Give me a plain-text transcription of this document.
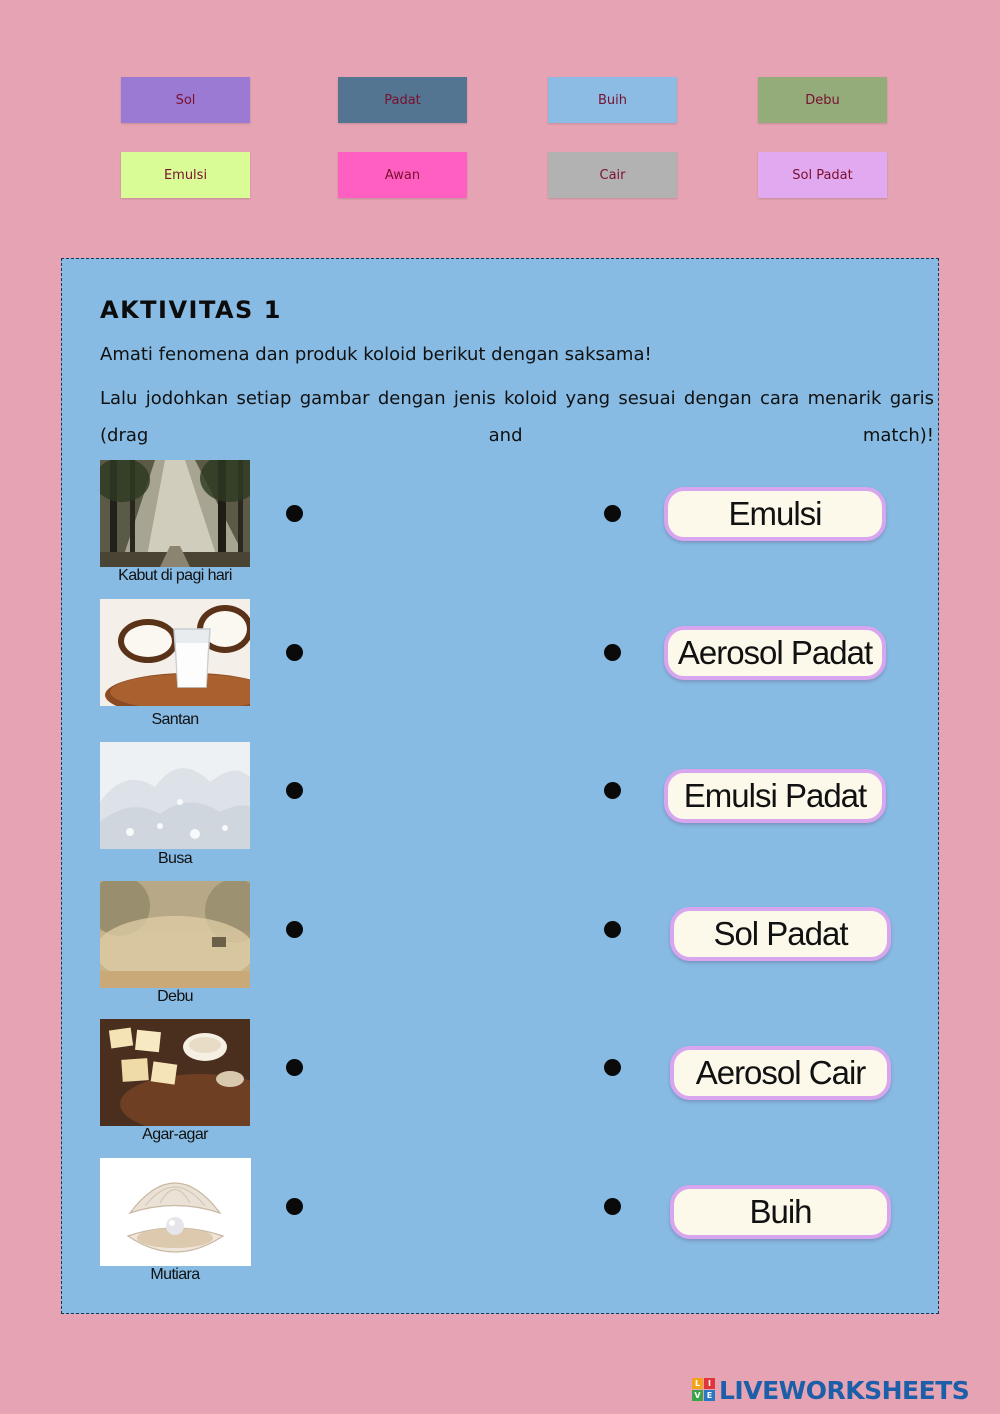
Sol	Padat	Buih	Debu
Emulsi	Awan	Cair	Sol Padat
AKTIVITAS 1
Amati fenomena dan produk koloid berikut dengan saksama!
Lalu jodohkan setiap gambar dengan jenis koloid yang sesuai dengan cara menarik garis (drag and match)!
Kabut di pagi hari
Santan
Busa
Debu
Agar-agar
Mutiara
Emulsi
Aerosol Padat
Emulsi Padat
Sol Padat
Aerosol Cair
Buih
L I
V E LIVEWORKSHEETS
